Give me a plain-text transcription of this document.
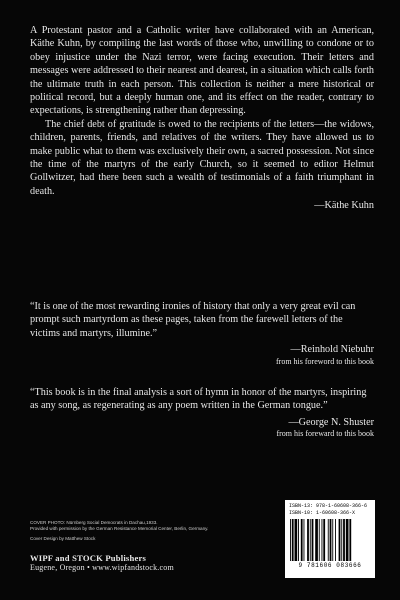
A Protestant pastor and a Catholic writer have collaborated with an American, Käthe Kuhn, by compiling the last words of those who, unwilling to condone or to obey injustice under the Nazi terror, were facing execution. Their letters and messages were addressed to their nearest and dearest, in a situation which calls forth the ultimate truth in each person. This collection is neither a mere historical or political record, but a deeply human one, and its effect on the reader, contrary to expectations, is strengthening rather than depressing.

The chief debt of gratitude is owed to the recipients of the letters—the widows, children, parents, friends, and relatives of the writers. They have allowed us to make public what to them was exclusively their own, a sacred possession. Not since the time of the martyrs of the early Church, so it seemed to editor Helmut Gollwitzer, had there been such a wealth of testimonials of a faith triumphant in death.

—Käthe Kuhn

“It is one of the most rewarding ironies of history that only a very great evil can prompt such martyrdom as these pages, taken from the farewell letters of the victims and martyrs, illumine.”

—Reinhold Niebuhr
from his foreword to this book

“This book is in the final analysis a sort of hymn in honor of the martyrs, inspiring as any song, as regenerating as any poem written in the German tongue.”

—George N. Shuster
from his foreward to this book
COVER PHOTO: Nürnberg Social Democrats in Dachau,1933.
Provided with permission by the German Resistance Memorial Center, Berlin, Germany.
Cover Design by Matthew Stock
WIPF and STOCK Publishers
Eugene, Oregon • www.wipfandstock.com
ISBN-13: 978-1-60608-366-6
ISBN-10: 1-60608-366-X
9 781606 083666
